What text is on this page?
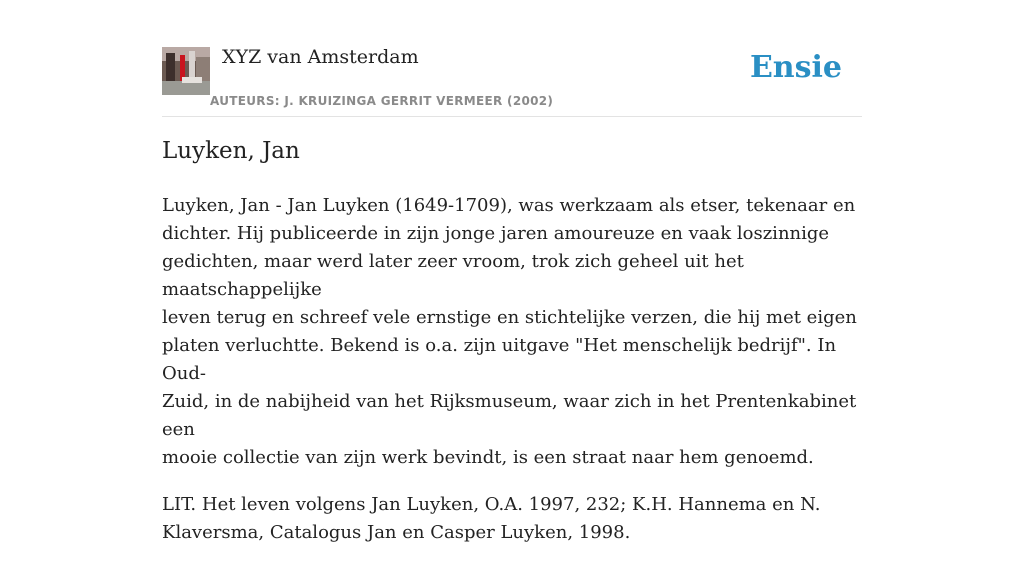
XYZ van Amsterdam
AUTEURS: J. KRUIZINGA GERRIT VERMEER (2002)
Ensie
Luyken, Jan

Luyken, Jan - Jan Luyken (1649-1709), was werkzaam als etser, tekenaar en
dichter. Hij publiceerde in zijn jonge jaren amoureuze en vaak loszinnige
gedichten, maar werd later zeer vroom, trok zich geheel uit het maatschappelijke
leven terug en schreef vele ernstige en stichtelijke verzen, die hij met eigen
platen verluchtte. Bekend is o.a. zijn uitgave "Het menschelijk bedrijf". In Oud-
Zuid, in de nabijheid van het Rijksmuseum, waar zich in het Prentenkabinet een
mooie collectie van zijn werk bevindt, is een straat naar hem genoemd.

LIT. Het leven volgens Jan Luyken, O.A. 1997, 232; K.H. Hannema en N.
Klaversma, Catalogus Jan en Casper Luyken, 1998.
